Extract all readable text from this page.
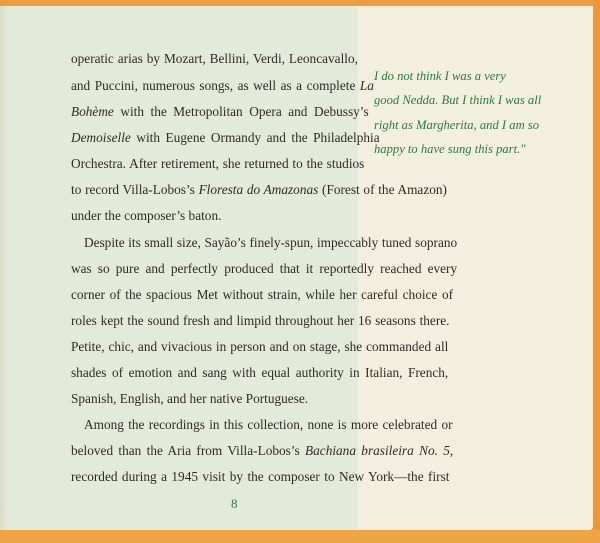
operatic arias by Mozart, Bellini, Verdi, Leoncavallo,
and Puccini, numerous songs, as well as a complete La
Bohème with the Metropolitan Opera and Debussy’s
Demoiselle with Eugene Ormandy and the Philadelphia
Orchestra. After retirement, she returned to the studios
to record Villa-Lobos’s Floresta do Amazonas (Forest of the Amazon)
under the composer’s baton.
Despite its small size, Sayão’s finely-spun, impeccably tuned soprano
was so pure and perfectly produced that it reportedly reached every
corner of the spacious Met without strain, while her careful choice of
roles kept the sound fresh and limpid throughout her 16 seasons there.
Petite, chic, and vivacious in person and on stage, she commanded all
shades of emotion and sang with equal authority in Italian, French,
Spanish, English, and her native Portuguese.
Among the recordings in this collection, none is more celebrated or
beloved than the Aria from Villa-Lobos’s Bachiana brasileira No. 5,
recorded during a 1945 visit by the composer to New York—the first
I do not think I was a very
good Nedda. But I think I was all
right as Margherita, and I am so
happy to have sung this part."
8
